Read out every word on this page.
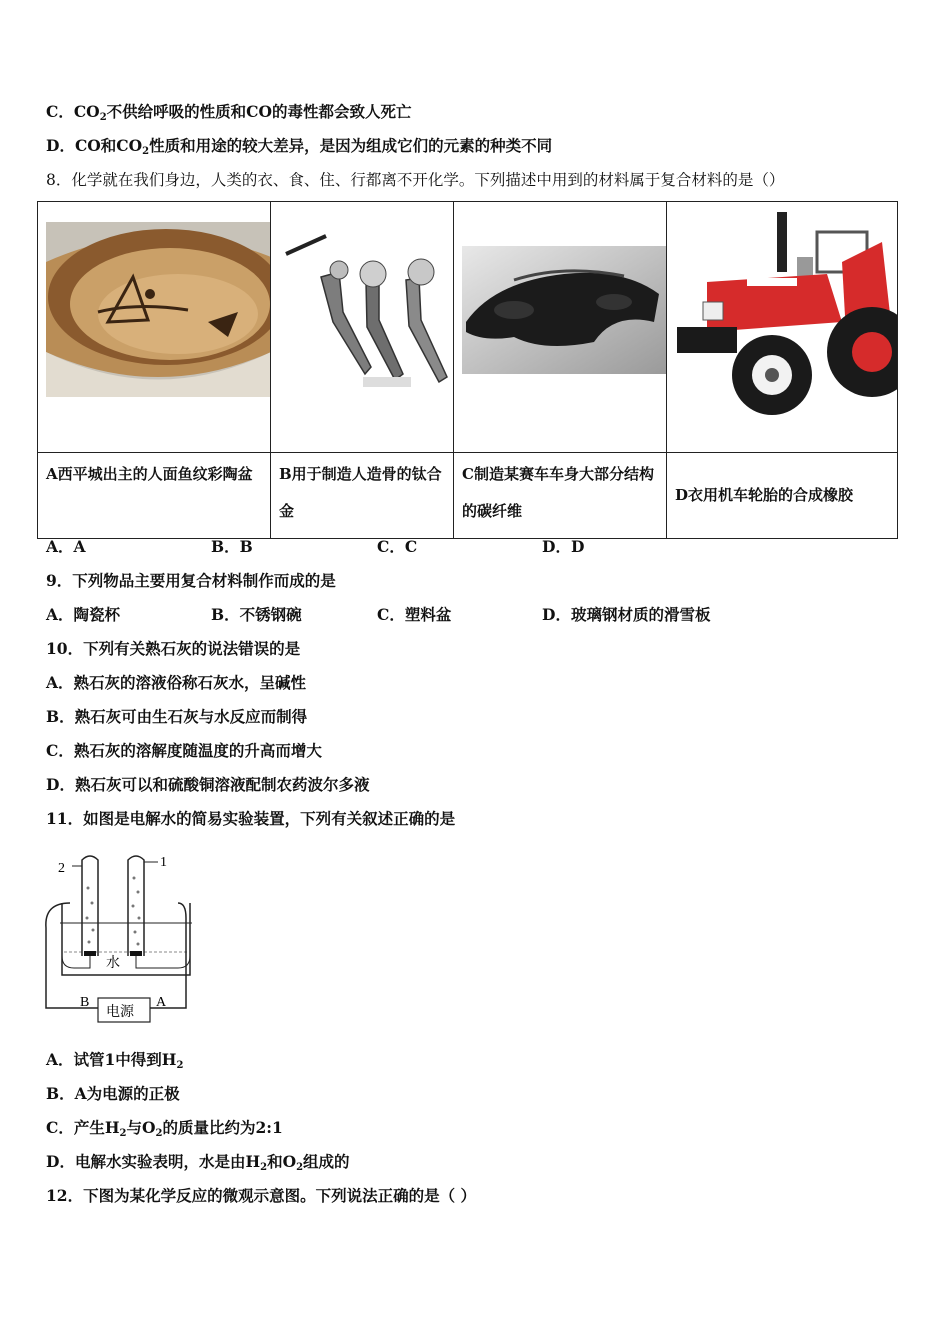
C．$CO_2$不供给呼吸的性质和CO的毒性都会致人死亡
D．CO和$CO_2$性质和用途的较大差异，是因为组成它们的元素的种类不同
8．化学就在我们身边，人类的衣、食、住、行都离不开化学。下列描述中用到的材料属于复合材料的是（）

A西平城出主的人面鱼纹彩陶盆	B用于制造人造骨的钛合金	C制造某赛车车身大部分结构的碳纤维	D衣用机车轮胎的合成橡胶
A．A	B．B	C．C	D．D
9．下列物品主要用复合材料制作而成的是
A．陶瓷杯	B．不锈钢碗	C．塑料盆	D．玻璃钢材质的滑雪板
10．下列有关熟石灰的说法错误的是
A．熟石灰的溶液俗称石灰水，呈碱性
B．熟石灰可由生石灰与水反应而制得
C．熟石灰的溶解度随温度的升高而增大
D．熟石灰可以和硫酸铜溶液配制农药波尔多液
11．如图是电解水的简易实验装置，下列有关叙述正确的是
2	1
水
B	A
电源
A．试管1中得到$H_2$
B．A为电源的正极
C．产生$H_2$与$O_2$的质量比约为2:1
D．电解水实验表明，水是由$H_2$和$O_2$组成的
12．下图为某化学反应的微观示意图。下列说法正确的是（ ）
